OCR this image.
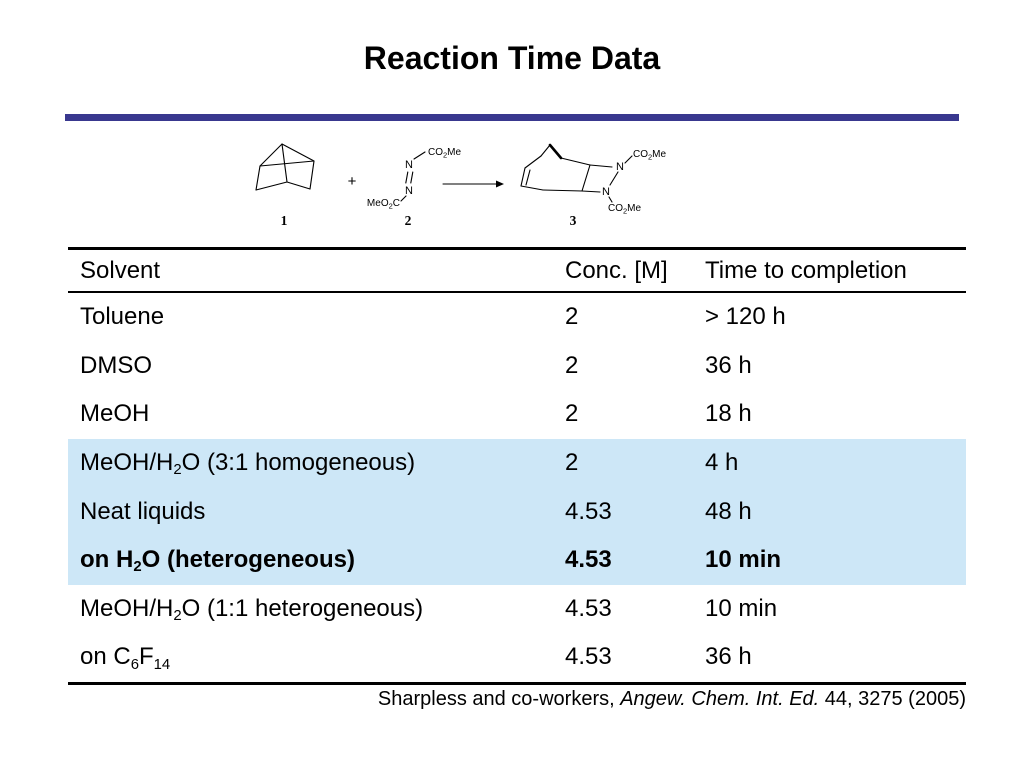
Reaction Time Data
1
+
N
N
$CO_2Me$
MeO$_2$C
2
N
N
$CO_2Me$
$CO_2Me$
3
Solvent	Conc. [M]	Time to completion
Toluene	2	> 120 h
DMSO	2	36 h
MeOH	2	18 h
MeOH/$H_2O$ (3:1 homogeneous)	2	4 h
Neat liquids	4.53	48 h
on $H_2O$ (heterogeneous)	4.53	10 min
MeOH/$H_2O$ (1:1 heterogeneous)	4.53	10 min
on $C_6F_{14}$	4.53	36 h
Sharpless and co-workers, Angew. Chem. Int. Ed. 44, 3275 (2005)
